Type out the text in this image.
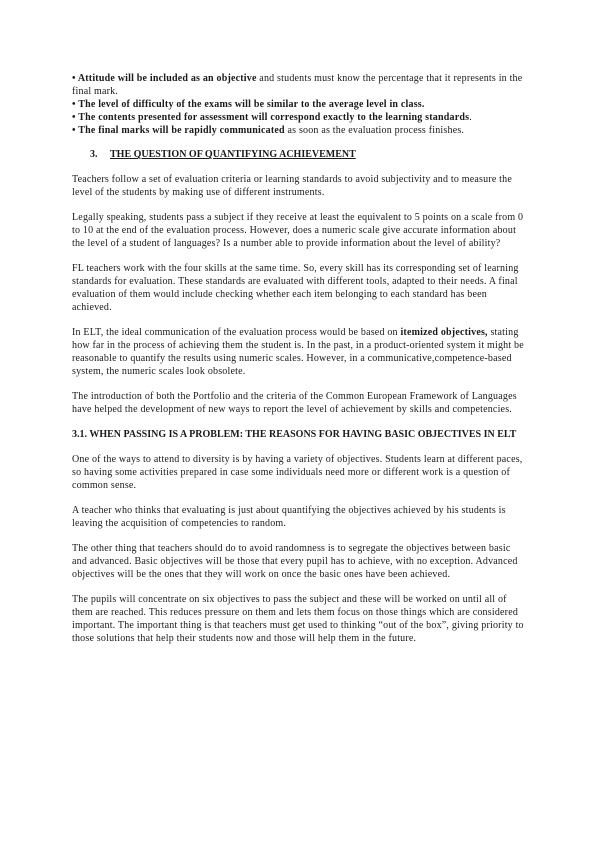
• Attitude will be included as an objective and students must know the percentage that it represents in the final mark.

• The level of difficulty of the exams will be similar to the average level in class.

• The contents presented for assessment will correspond exactly to the learning standards.

• The final marks will be rapidly communicated as soon as the evaluation process finishes.

3. THE QUESTION OF QUANTIFYING ACHIEVEMENT

Teachers follow a set of evaluation criteria or learning standards to avoid subjectivity and to measure the level of the students by making use of different instruments.

Legally speaking, students pass a subject if they receive at least the equivalent to 5 points on a scale from 0 to 10 at the end of the evaluation process. However, does a numeric scale give accurate information about the level of a student of languages? Is a number able to provide information about the level of ability?

FL teachers work with the four skills at the same time. So, every skill has its corresponding set of learning standards for evaluation. These standards are evaluated with different tools, adapted to their needs. A final evaluation of them would include checking whether each item belonging to each standard has been achieved.

In ELT, the ideal communication of the evaluation process would be based on itemized objectives, stating how far in the process of achieving them the student is. In the past, in a product-oriented system it might be reasonable to quantify the results using numeric scales. However, in a communicative,competence-based system, the numeric scales look obsolete.

The introduction of both the Portfolio and the criteria of the Common European Framework of Languages have helped the development of new ways to report the level of achievement by skills and competencies.

3.1. WHEN PASSING IS A PROBLEM: THE REASONS FOR HAVING BASIC OBJECTIVES IN ELT

One of the ways to attend to diversity is by having a variety of objectives. Students learn at different paces, so having some activities prepared in case some individuals need more or different work is a question of common sense.

A teacher who thinks that evaluating is just about quantifying the objectives achieved by his students is leaving the acquisition of competencies to random.

The other thing that teachers should do to avoid randomness is to segregate the objectives between basic and advanced. Basic objectives will be those that every pupil has to achieve, with no exception. Advanced objectives will be the ones that they will work on once the basic ones have been achieved.

The pupils will concentrate on six objectives to pass the subject and these will be worked on until all of them are reached. This reduces pressure on them and lets them focus on those things which are considered important. The important thing is that teachers must get used to thinking “out of the box”, giving priority to those solutions that help their students now and those will help them in the future.
